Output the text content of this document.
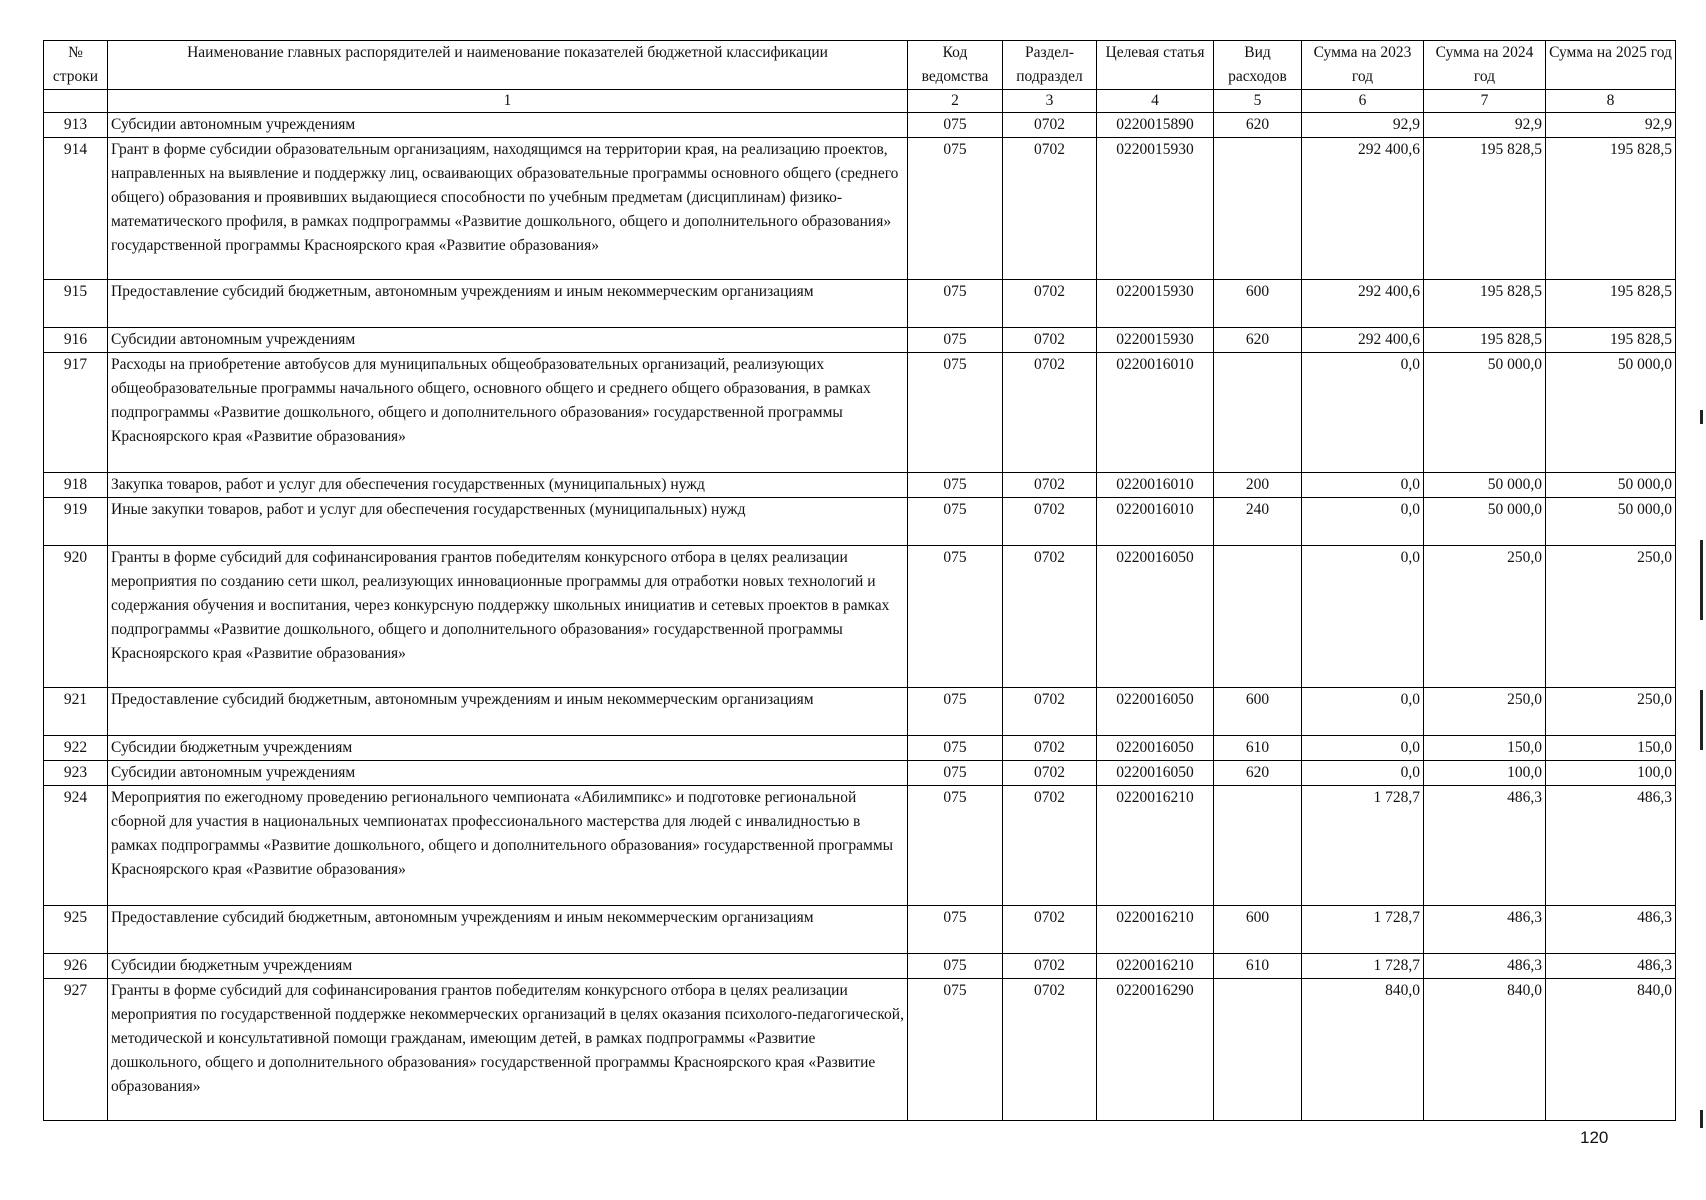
№ строки	Наименование главных распорядителей и наименование показателей бюджетной классификации	Код ведомства	Раздел-подраздел	Целевая статья	Вид расходов	Сумма на 2023 год	Сумма на 2024 год	Сумма на 2025 год
	1	2	3	4	5	6	7	8
913	Субсидии автономным учреждениям	075	0702	0220015890	620	92,9	92,9	92,9
914	Грант в форме субсидии образовательным организациям, находящимся на территории края, на реализацию проектов, направленных на выявление и поддержку лиц, осваивающих образовательные программы основного общего (среднего общего) образования и проявивших выдающиеся способности по учебным предметам (дисциплинам) физико-математического профиля, в рамках подпрограммы «Развитие дошкольного, общего и дополнительного образования» государственной программы Красноярского края «Развитие образования»	075	0702	0220015930		292 400,6	195 828,5	195 828,5
915	Предоставление субсидий бюджетным, автономным учреждениям и иным некоммерческим организациям	075	0702	0220015930	600	292 400,6	195 828,5	195 828,5
916	Субсидии автономным учреждениям	075	0702	0220015930	620	292 400,6	195 828,5	195 828,5
917	Расходы на приобретение автобусов для муниципальных общеобразовательных организаций, реализующих общеобразовательные программы начального общего, основного общего и среднего общего образования, в рамках подпрограммы «Развитие дошкольного, общего и дополнительного образования» государственной программы Красноярского края «Развитие образования»	075	0702	0220016010		0,0	50 000,0	50 000,0
918	Закупка товаров, работ и услуг для обеспечения государственных (муниципальных) нужд	075	0702	0220016010	200	0,0	50 000,0	50 000,0
919	Иные закупки товаров, работ и услуг для обеспечения государственных (муниципальных) нужд	075	0702	0220016010	240	0,0	50 000,0	50 000,0
920	Гранты в форме субсидий для софинансирования грантов победителям конкурсного отбора в целях реализации мероприятия по созданию сети школ, реализующих инновационные программы для отработки новых технологий и содержания обучения и воспитания, через конкурсную поддержку школьных инициатив и сетевых проектов в рамках подпрограммы «Развитие дошкольного, общего и дополнительного образования» государственной программы Красноярского края «Развитие образования»	075	0702	0220016050		0,0	250,0	250,0
921	Предоставление субсидий бюджетным, автономным учреждениям и иным некоммерческим организациям	075	0702	0220016050	600	0,0	250,0	250,0
922	Субсидии бюджетным учреждениям	075	0702	0220016050	610	0,0	150,0	150,0
923	Субсидии автономным учреждениям	075	0702	0220016050	620	0,0	100,0	100,0
924	Мероприятия по ежегодному проведению регионального чемпионата «Абилимпикс» и подготовке региональной сборной для участия в национальных чемпионатах профессионального мастерства для людей с инвалидностью в рамках подпрограммы «Развитие дошкольного, общего и дополнительного образования» государственной программы Красноярского края «Развитие образования»	075	0702	0220016210		1 728,7	486,3	486,3
925	Предоставление субсидий бюджетным, автономным учреждениям и иным некоммерческим организациям	075	0702	0220016210	600	1 728,7	486,3	486,3
926	Субсидии бюджетным учреждениям	075	0702	0220016210	610	1 728,7	486,3	486,3
927	Гранты в форме субсидий для софинансирования грантов победителям конкурсного отбора в целях реализации мероприятия по государственной поддержке некоммерческих организаций в целях оказания психолого-педагогической, методической и консультативной помощи гражданам, имеющим детей, в рамках подпрограммы «Развитие дошкольного, общего и дополнительного образования» государственной программы Красноярского края «Развитие образования»	075	0702	0220016290		840,0	840,0	840,0
120
